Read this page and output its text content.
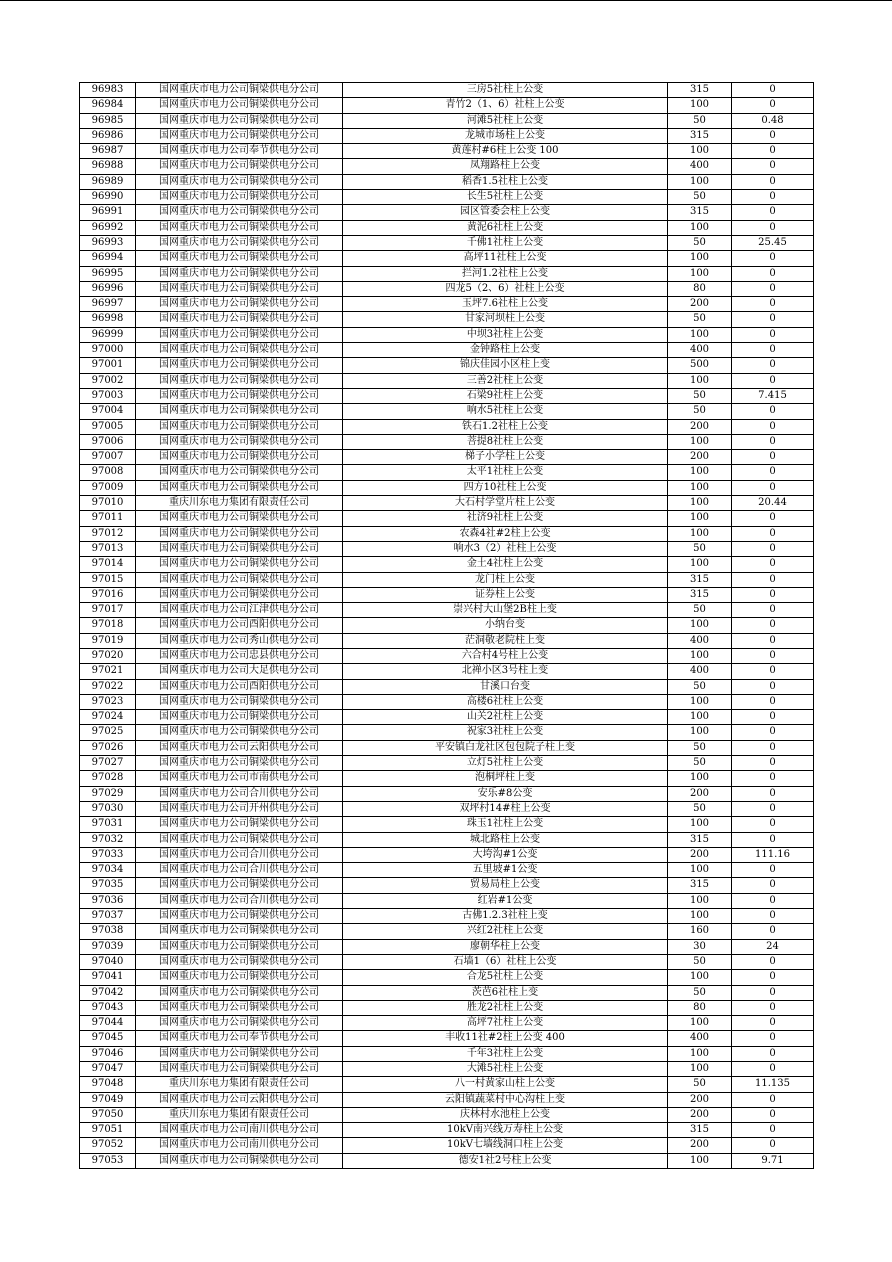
96983	国网重庆市电力公司铜梁供电分公司	三房5社柱上公变	315	0
96984	国网重庆市电力公司铜梁供电分公司	青竹2（1、6）社柱上公变	100	0
96985	国网重庆市电力公司铜梁供电分公司	河滩5社柱上公变	50	0.48
96986	国网重庆市电力公司铜梁供电分公司	龙城市场柱上公变	315	0
96987	国网重庆市电力公司奉节供电分公司	黄莲村#6柱上公变 100	100	0
96988	国网重庆市电力公司铜梁供电分公司	凤翔路柱上公变	400	0
96989	国网重庆市电力公司铜梁供电分公司	稻香1.5社柱上公变	100	0
96990	国网重庆市电力公司铜梁供电分公司	长生5社柱上公变	50	0
96991	国网重庆市电力公司铜梁供电分公司	园区管委会柱上公变	315	0
96992	国网重庆市电力公司铜梁供电分公司	黄泥6社柱上公变	100	0
96993	国网重庆市电力公司铜梁供电分公司	千佛1社柱上公变	50	25.45
96994	国网重庆市电力公司铜梁供电分公司	高坪11社柱上公变	100	0
96995	国网重庆市电力公司铜梁供电分公司	拦河1.2社柱上公变	100	0
96996	国网重庆市电力公司铜梁供电分公司	四龙5（2、6）社柱上公变	80	0
96997	国网重庆市电力公司铜梁供电分公司	玉坪7.6社柱上公变	200	0
96998	国网重庆市电力公司铜梁供电分公司	甘家河坝柱上公变	50	0
96999	国网重庆市电力公司铜梁供电分公司	中坝3社柱上公变	100	0
97000	国网重庆市电力公司铜梁供电分公司	金钟路柱上公变	400	0
97001	国网重庆市电力公司铜梁供电分公司	锦庆佳园小区柱上变	500	0
97002	国网重庆市电力公司铜梁供电分公司	三善2社柱上公变	100	0
97003	国网重庆市电力公司铜梁供电分公司	石梁9社柱上公变	50	7.415
97004	国网重庆市电力公司铜梁供电分公司	响水5社柱上公变	50	0
97005	国网重庆市电力公司铜梁供电分公司	铁石1.2社柱上公变	200	0
97006	国网重庆市电力公司铜梁供电分公司	菩提8社柱上公变	100	0
97007	国网重庆市电力公司铜梁供电分公司	梯子小学柱上公变	200	0
97008	国网重庆市电力公司铜梁供电分公司	太平1社柱上公变	100	0
97009	国网重庆市电力公司铜梁供电分公司	四方10社柱上公变	100	0
97010	重庆川东电力集团有限责任公司	大石村学堂片柱上公变	100	20.44
97011	国网重庆市电力公司铜梁供电分公司	社济9社柱上公变	100	0
97012	国网重庆市电力公司铜梁供电分公司	农森4社#2柱上公变	100	0
97013	国网重庆市电力公司铜梁供电分公司	响水3（2）社柱上公变	50	0
97014	国网重庆市电力公司铜梁供电分公司	金土4社柱上公变	100	0
97015	国网重庆市电力公司铜梁供电分公司	龙门柱上公变	315	0
97016	国网重庆市电力公司铜梁供电分公司	证券柱上公变	315	0
97017	国网重庆市电力公司江津供电分公司	崇兴村大山堡2B柱上变	50	0
97018	国网重庆市电力公司酉阳供电分公司	小纳台变	100	0
97019	国网重庆市电力公司秀山供电分公司	茫洞敬老院柱上变	400	0
97020	国网重庆市电力公司忠县供电分公司	六合村4号柱上公变	100	0
97021	国网重庆市电力公司大足供电分公司	北禅小区3号柱上变	400	0
97022	国网重庆市电力公司酉阳供电分公司	甘溪口台变	50	0
97023	国网重庆市电力公司铜梁供电分公司	高楼6社柱上公变	100	0
97024	国网重庆市电力公司铜梁供电分公司	山关2社柱上公变	100	0
97025	国网重庆市电力公司铜梁供电分公司	祝家3社柱上公变	100	0
97026	国网重庆市电力公司云阳供电分公司	平安镇白龙社区包包院子柱上变	50	0
97027	国网重庆市电力公司铜梁供电分公司	立灯5社柱上公变	50	0
97028	国网重庆市电力公司市南供电分公司	泡桐坪柱上变	100	0
97029	国网重庆市电力公司合川供电分公司	安乐#8公变	200	0
97030	国网重庆市电力公司开州供电分公司	双坪村14#柱上公变	50	0
97031	国网重庆市电力公司铜梁供电分公司	珠玉1社柱上公变	100	0
97032	国网重庆市电力公司铜梁供电分公司	城北路柱上公变	315	0
97033	国网重庆市电力公司合川供电分公司	大垮沟#1公变	200	111.16
97034	国网重庆市电力公司合川供电分公司	五里坡#1公变	100	0
97035	国网重庆市电力公司铜梁供电分公司	贸易局柱上公变	315	0
97036	国网重庆市电力公司合川供电分公司	红岩#1公变	100	0
97037	国网重庆市电力公司铜梁供电分公司	古佛1.2.3社柱上变	100	0
97038	国网重庆市电力公司铜梁供电分公司	兴红2社柱上公变	160	0
97039	国网重庆市电力公司铜梁供电分公司	廖朝华柱上公变	30	24
97040	国网重庆市电力公司铜梁供电分公司	石墙1（6）社柱上公变	50	0
97041	国网重庆市电力公司铜梁供电分公司	合龙5社柱上公变	100	0
97042	国网重庆市电力公司铜梁供电分公司	茨芭6社柱上变	50	0
97043	国网重庆市电力公司铜梁供电分公司	胜龙2社柱上公变	80	0
97044	国网重庆市电力公司铜梁供电分公司	高坪7社柱上公变	100	0
97045	国网重庆市电力公司奉节供电分公司	丰收11社#2柱上公变 400	400	0
97046	国网重庆市电力公司铜梁供电分公司	千年3社柱上公变	100	0
97047	国网重庆市电力公司铜梁供电分公司	大滩5社柱上公变	100	0
97048	重庆川东电力集团有限责任公司	八一村黄家山柱上公变	50	11.135
97049	国网重庆市电力公司云阳供电分公司	云阳镇蔬菜村中心沟柱上变	200	0
97050	重庆川东电力集团有限责任公司	庆林村水池柱上公变	200	0
97051	国网重庆市电力公司南川供电分公司	10kV南兴线万寿柱上公变	315	0
97052	国网重庆市电力公司南川供电分公司	10kV七墙线洞口柱上公变	200	0
97053	国网重庆市电力公司铜梁供电分公司	德安1社2号柱上公变	100	9.71
